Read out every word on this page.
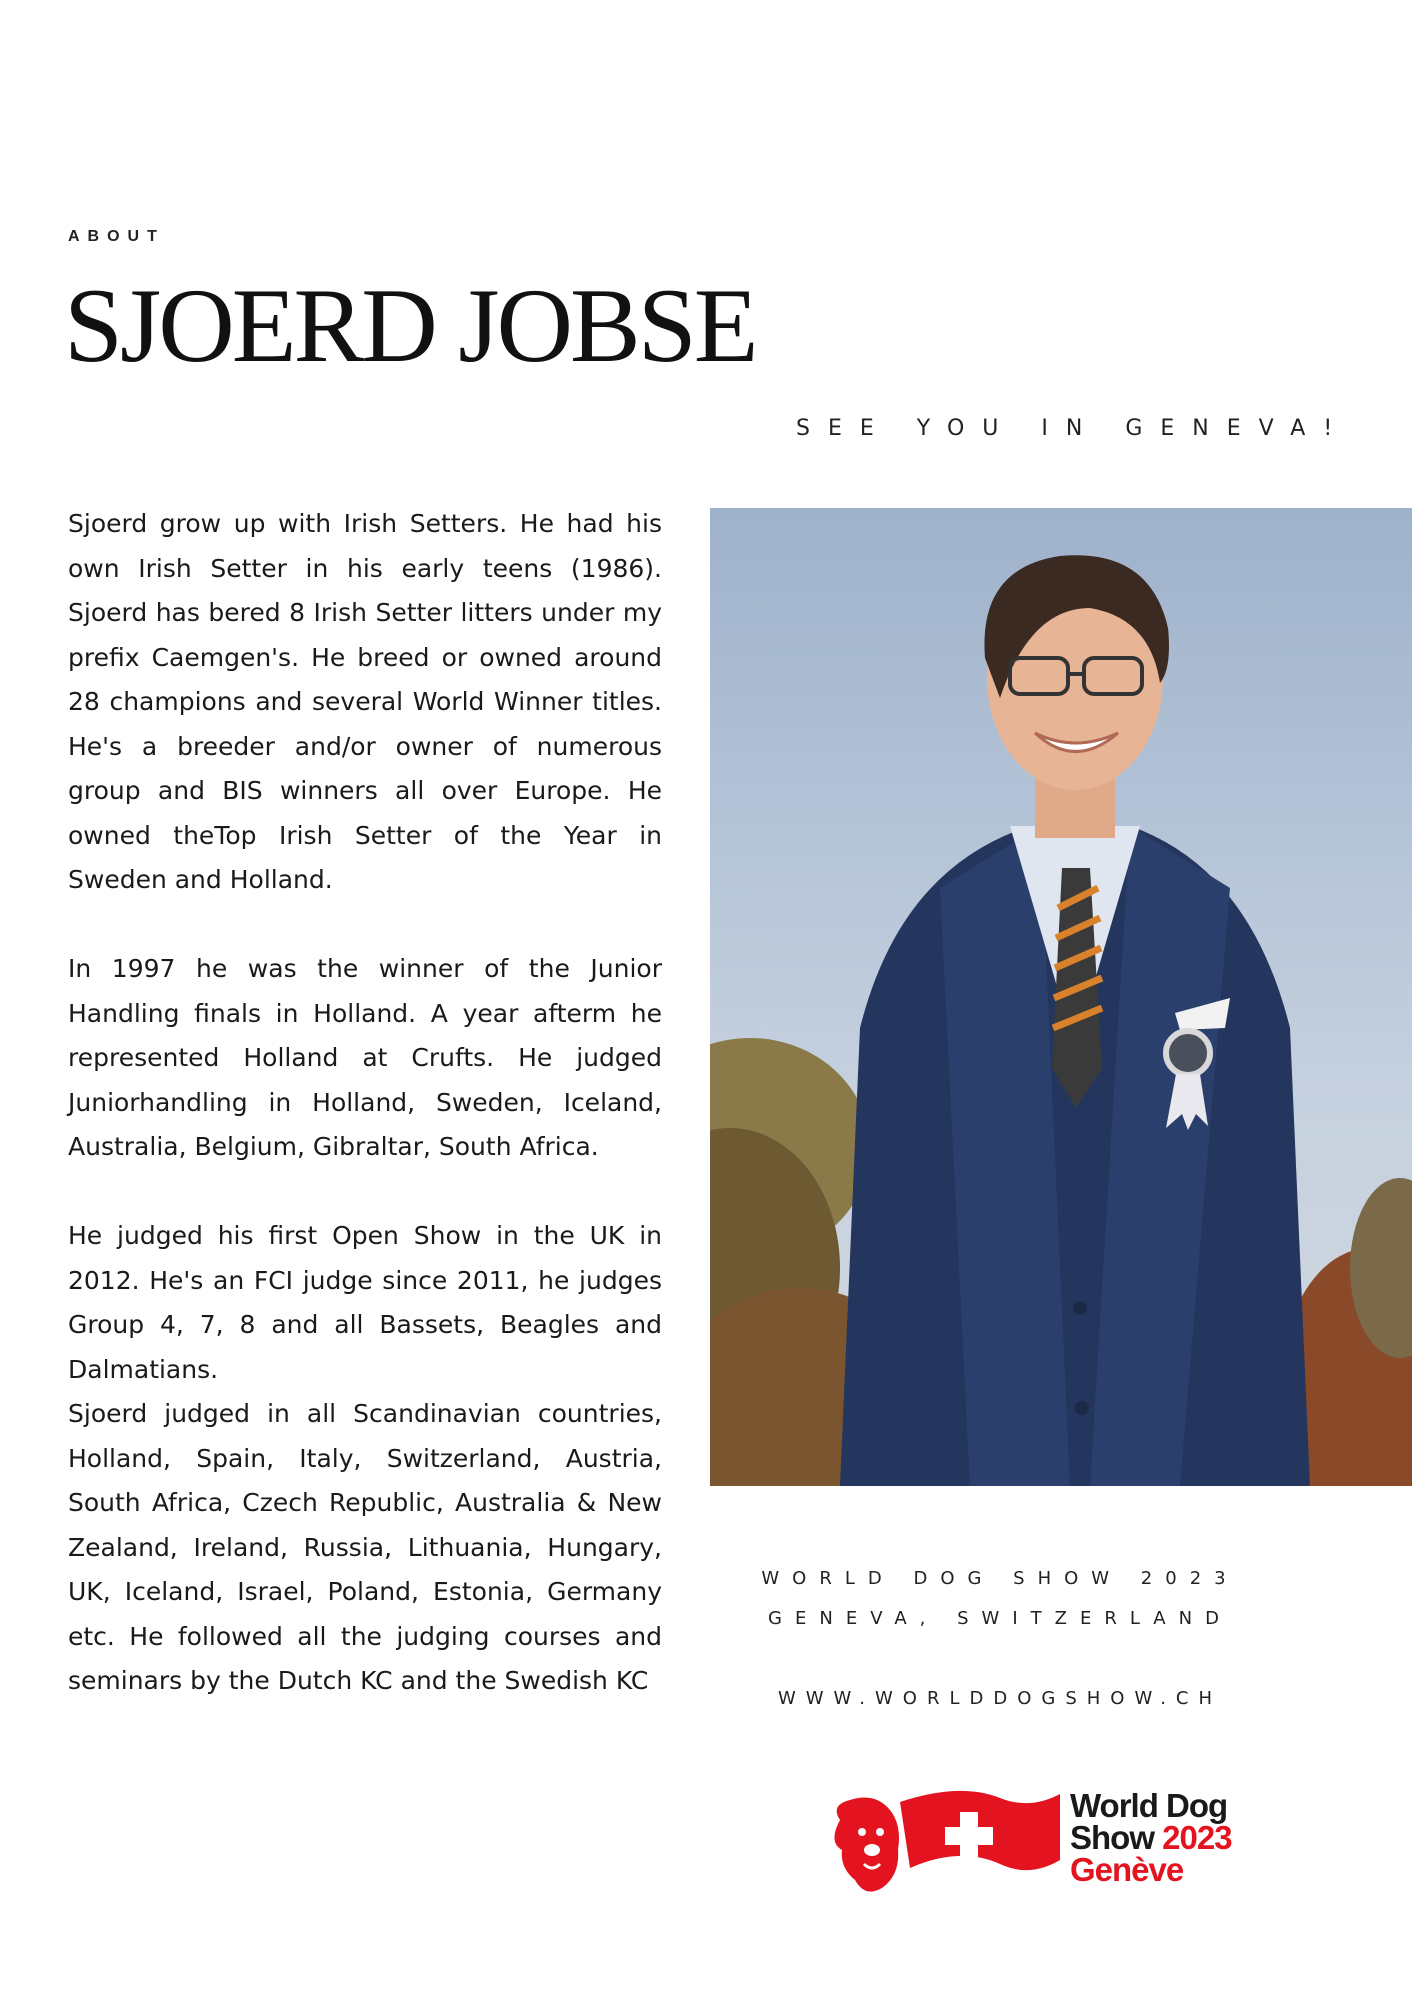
ABOUT
SJOERD JOBSE
SEE YOU IN GENEVA!

Sjoerd grow up with Irish Setters. He had his own Irish Setter in his early teens (1986). Sjoerd has bered 8 Irish Setter litters under my prefix Caemgen's. He breed or owned around 28 champions and several World Winner titles. He's a breeder and/or owner of numerous group and BIS winners all over Europe. He owned theTop Irish Setter of the Year in Sweden and Holland.

In 1997 he was the winner of the Junior Handling finals in Holland. A year afterm he represented Holland at Crufts. He judged Juniorhandling in Holland, Sweden, Iceland, Australia, Belgium, Gibraltar, South Africa.

He judged his first Open Show in the UK in 2012. He's an FCI judge since 2011, he judges Group 4, 7, 8 and all Bassets, Beagles and Dalmatians.

Sjoerd judged in all Scandinavian countries, Holland, Spain, Italy, Switzerland, Austria, South Africa, Czech Republic, Australia & New Zealand, Ireland, Russia, Lithuania, Hungary, UK, Iceland, Israel, Poland, Estonia, Germany etc. He followed all the judging courses and seminars by the Dutch KC and the Swedish KC

WORLD DOG SHOW 2023
GENEVA, SWITZERLAND
WWW.WORLDDOGSHOW.CH
World Dog
Show 2023
Genève
